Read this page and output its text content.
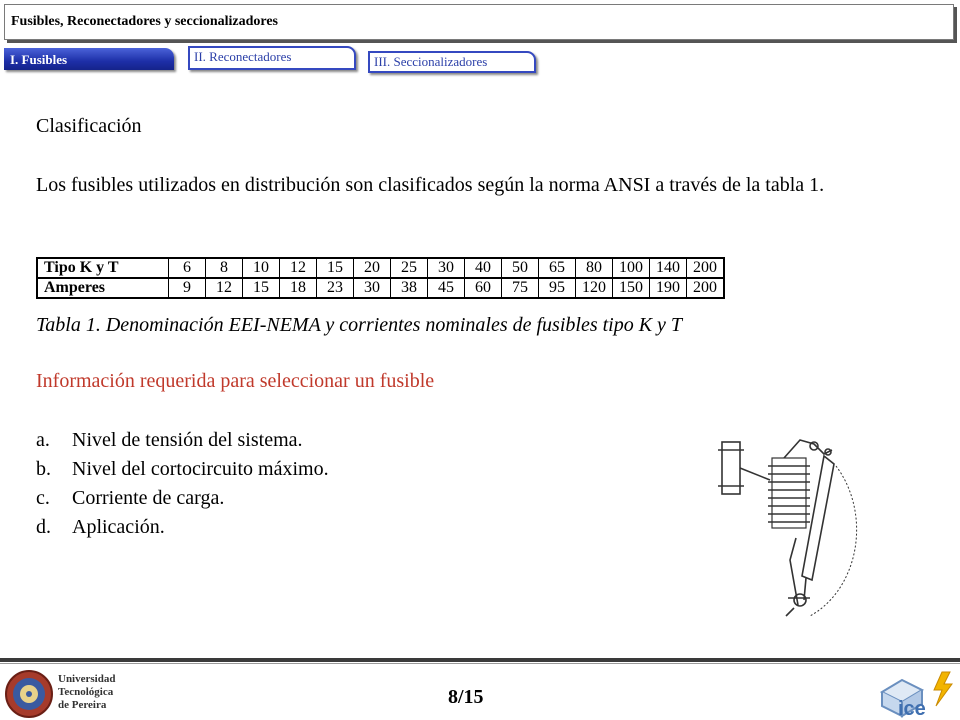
Fusibles, Reconectadores y seccionalizadores
I. Fusibles	II. Reconectadores	III. Seccionalizadores
Clasificación
Los fusibles utilizados en distribución son clasificados según la norma ANSI a través de la tabla 1.
Tipo K y T	6	8	10	12	15	20	25	30	40	50	65	80	100	140	200
Amperes	9	12	15	18	23	30	38	45	60	75	95	120	150	190	200
Tabla 1. Denominación EEI-NEMA y corrientes nominales de fusibles tipo K y T
Información requerida para seleccionar un fusible
a.	Nivel de tensión del sistema.
b.	Nivel del cortocircuito máximo.
c.	Corriente de carga.
d.	Aplicación.
Universidad
Tecnológica
de Pereira	8/15
ice
